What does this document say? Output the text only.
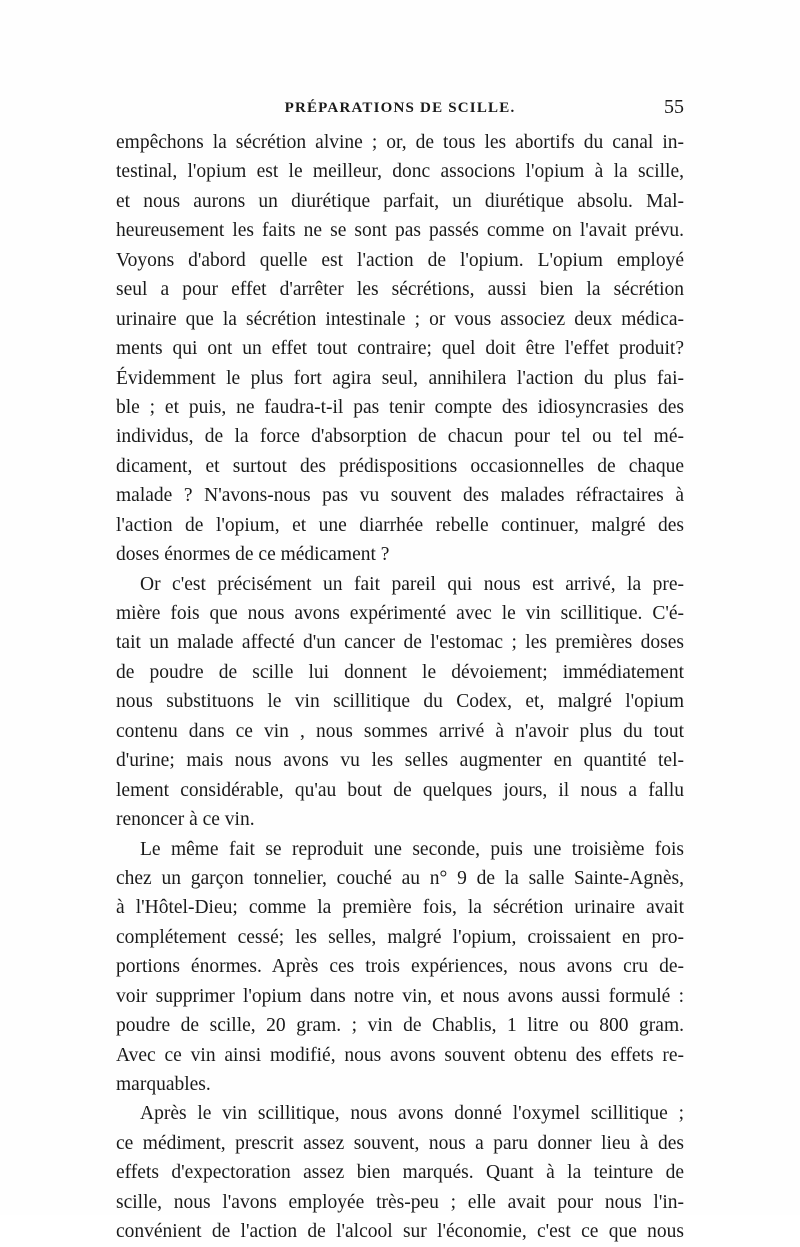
PRÉPARATIONS DE SCILLE.	55
empêchons la sécrétion alvine ; or, de tous les abortifs du canal in-
testinal, l'opium est le meilleur, donc associons l'opium à la scille,
et nous aurons un diurétique parfait, un diurétique absolu. Mal-
heureusement les faits ne se sont pas passés comme on l'avait prévu.
Voyons d'abord quelle est l'action de l'opium. L'opium employé
seul a pour effet d'arrêter les sécrétions, aussi bien la sécrétion
urinaire que la sécrétion intestinale ; or vous associez deux médica-
ments qui ont un effet tout contraire; quel doit être l'effet produit?
Évidemment le plus fort agira seul, annihilera l'action du plus fai-
ble ; et puis, ne faudra-t-il pas tenir compte des idiosyncrasies des
individus, de la force d'absorption de chacun pour tel ou tel mé-
dicament, et surtout des prédispositions occasionnelles de chaque
malade ? N'avons-nous pas vu souvent des malades réfractaires à
l'action de l'opium, et une diarrhée rebelle continuer, malgré des
doses énormes de ce médicament ?
Or c'est précisément un fait pareil qui nous est arrivé, la pre-
mière fois que nous avons expérimenté avec le vin scillitique. C'é-
tait un malade affecté d'un cancer de l'estomac ; les premières doses
de poudre de scille lui donnent le dévoiement; immédiatement
nous substituons le vin scillitique du Codex, et, malgré l'opium
contenu dans ce vin , nous sommes arrivé à n'avoir plus du tout
d'urine; mais nous avons vu les selles augmenter en quantité tel-
lement considérable, qu'au bout de quelques jours, il nous a fallu
renoncer à ce vin.
Le même fait se reproduit une seconde, puis une troisième fois
chez un garçon tonnelier, couché au n° 9 de la salle Sainte-Agnès,
à l'Hôtel-Dieu; comme la première fois, la sécrétion urinaire avait
complétement cessé; les selles, malgré l'opium, croissaient en pro-
portions énormes. Après ces trois expériences, nous avons cru de-
voir supprimer l'opium dans notre vin, et nous avons aussi formulé :
poudre de scille, 20 gram. ; vin de Chablis, 1 litre ou 800 gram.
Avec ce vin ainsi modifié, nous avons souvent obtenu des effets re-
marquables.
Après le vin scillitique, nous avons donné l'oxymel scillitique ;
ce médiment, prescrit assez souvent, nous a paru donner lieu à des
effets d'expectoration assez bien marqués. Quant à la teinture de
scille, nous l'avons employée très-peu ; elle avait pour nous l'in-
convénient de l'action de l'alcool sur l'économie, c'est ce que nous
